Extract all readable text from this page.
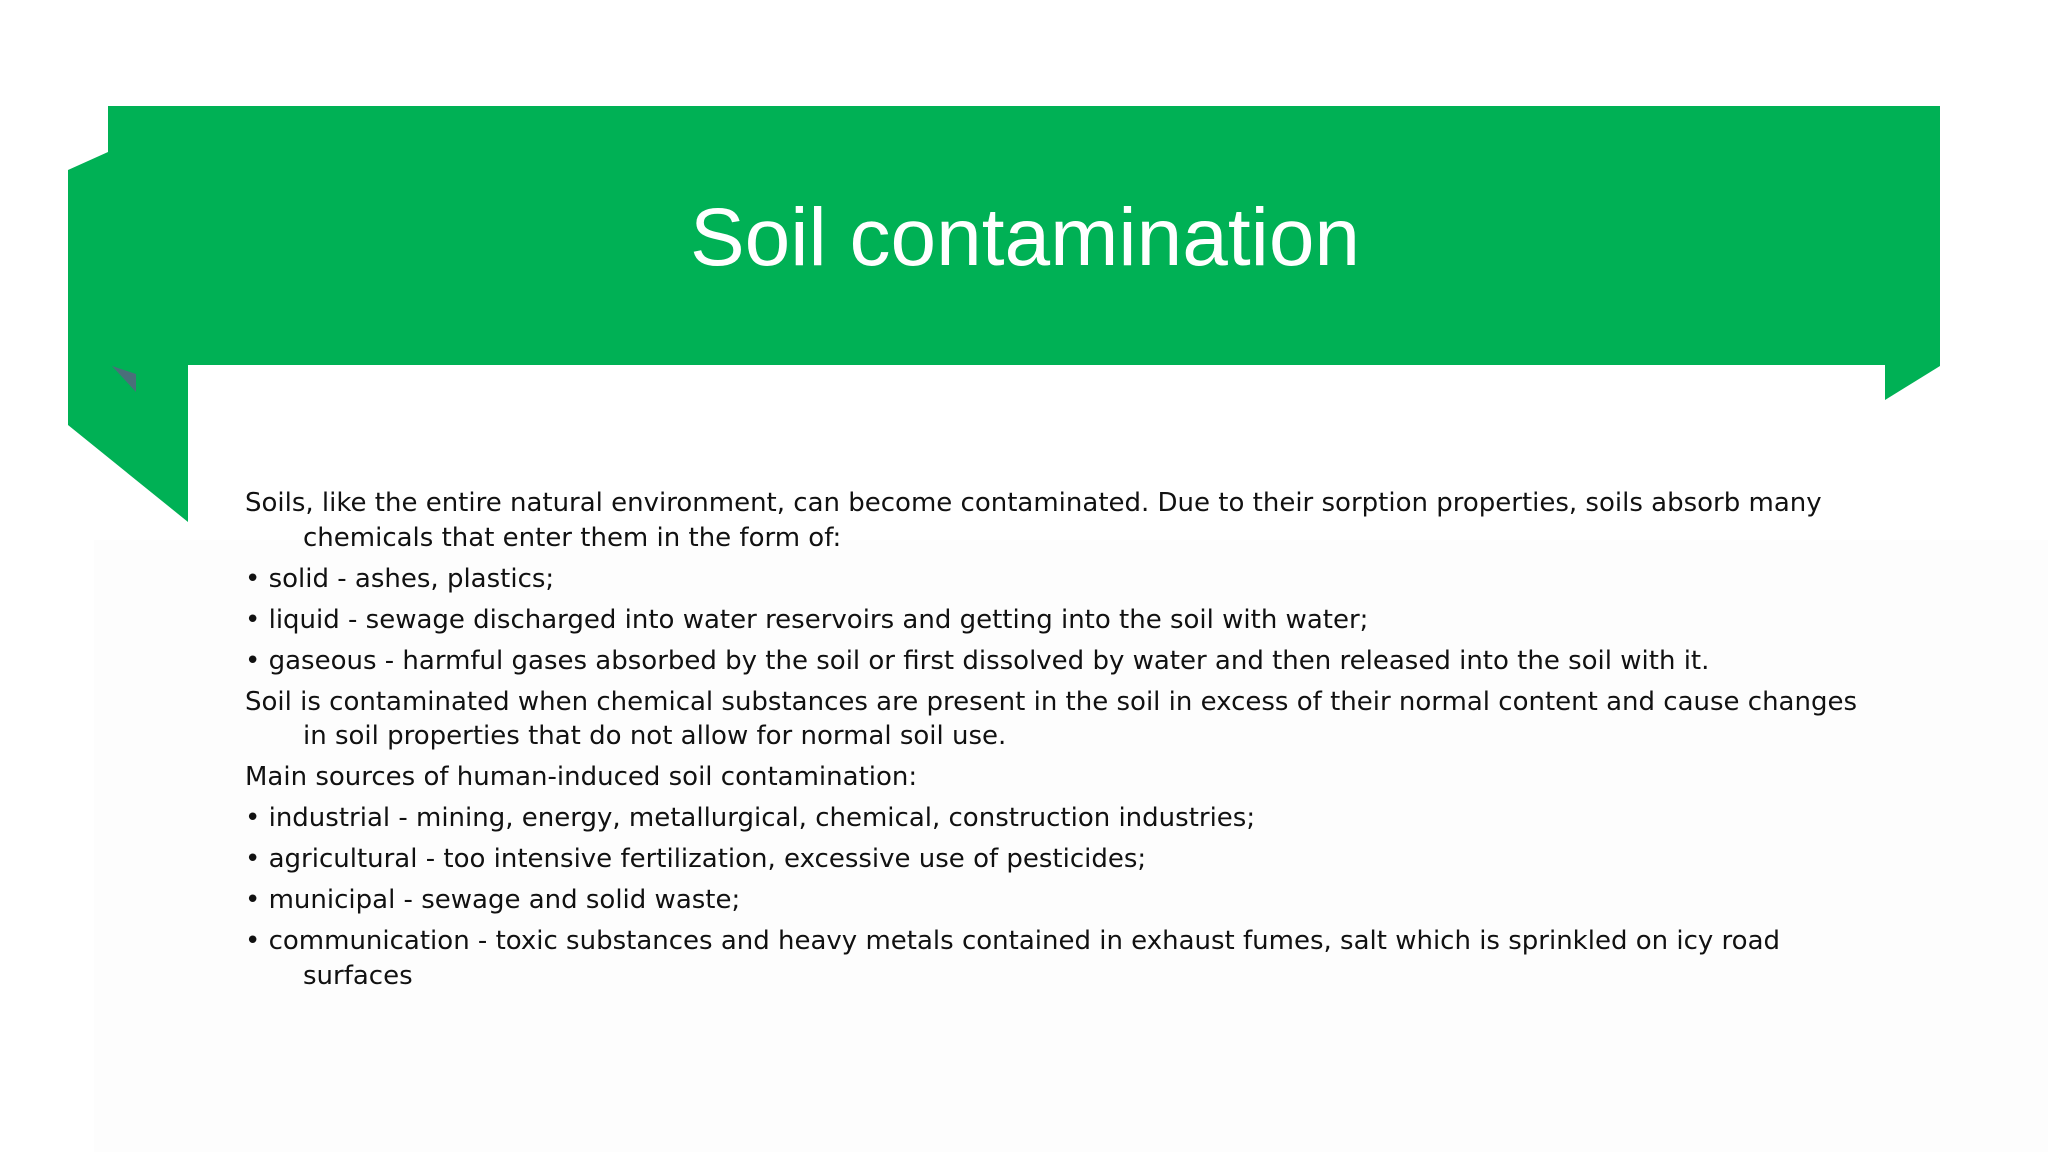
Soil contamination

Soils, like the entire natural environment, can become contaminated. Due to their sorption properties, soils absorb many chemicals that enter them in the form of:

• solid - ashes, plastics;

• liquid - sewage discharged into water reservoirs and getting into the soil with water;

• gaseous - harmful gases absorbed by the soil or first dissolved by water and then released into the soil with it.

Soil is contaminated when chemical substances are present in the soil in excess of their normal content and cause changes in soil properties that do not allow for normal soil use.

Main sources of human-induced soil contamination:

• industrial - mining, energy, metallurgical, chemical, construction industries;

• agricultural - too intensive fertilization, excessive use of pesticides;

• municipal - sewage and solid waste;

• communication - toxic substances and heavy metals contained in exhaust fumes, salt which is sprinkled on icy road surfaces
